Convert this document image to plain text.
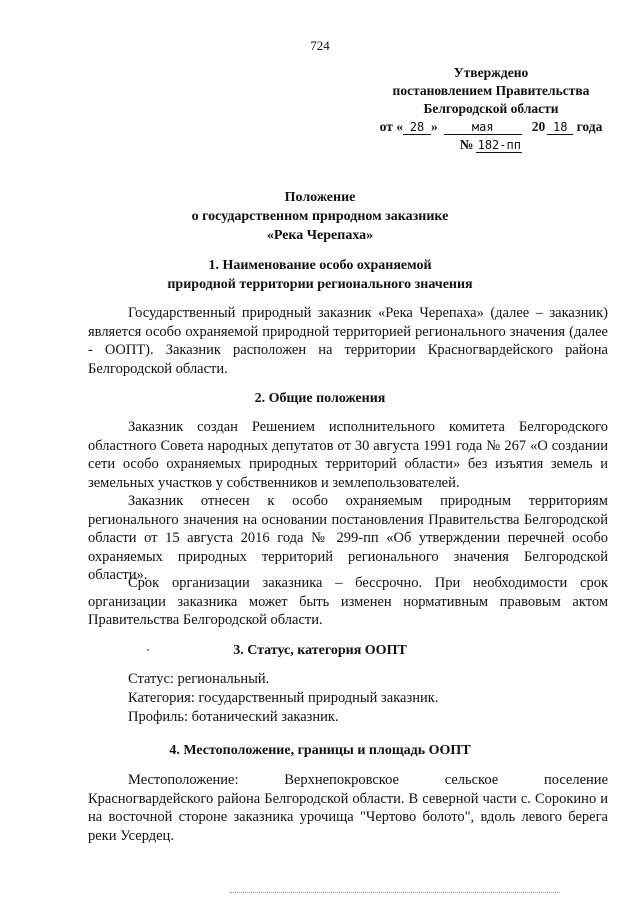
724
Утверждено
постановлением Правительства
Белгородской области
от « 28 »	мая	20 18 года
№ 182-пп
Положение
о государственном природном заказнике
«Река Черепаха»
1. Наименование особо охраняемой
природной территории регионального значения

Государственный природный заказник «Река Черепаха» (далее – заказник) является особо охраняемой природной территорией регионального значения (далее - ООПТ). Заказник расположен на территории Красногвардейского района Белгородской области.

2. Общие положения

Заказник создан Решением исполнительного комитета Белгородского областного Совета народных депутатов от 30 августа 1991 года № 267 «О создании сети особо охраняемых природных территорий области» без изъятия земель и земельных участков у собственников и землепользователей.

Заказник отнесен к особо охраняемым природным территориям регионального значения на основании постановления Правительства Белгородской области от 15 августа 2016 года № 299-пп «Об утверждении перечней особо охраняемых природных территорий регионального значения Белгородской области».

Срок организации заказника – бессрочно. При необходимости срок организации заказника может быть изменен нормативным правовым актом Правительства Белгородской области.

3. Статус, категория ООПТ
Статус: региональный.
Категория: государственный природный заказник.
Профиль: ботанический заказник.
4. Местоположение, границы и площадь ООПТ

Местоположение: Верхнепокровское сельское поселение Красногвардейского района Белгородской области. В северной части с. Сорокино и на восточной стороне заказника урочища "Чертово болото", вдоль левого берега реки Усердец.
